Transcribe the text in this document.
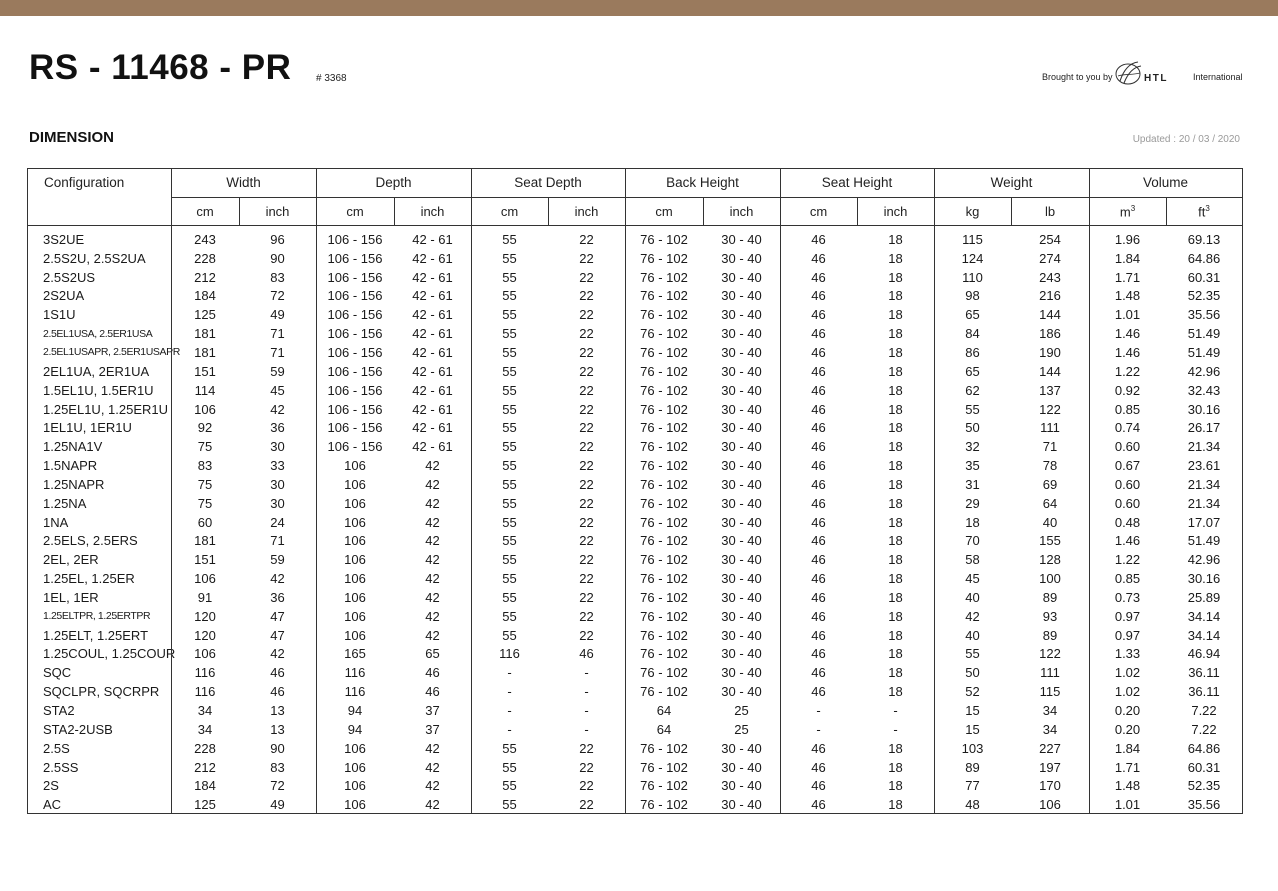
RS - 11468 - PR # 3368	Brought to you by	HTL	International
DIMENSION	Updated : 20 / 03 / 2020
Configuration
3S2UE	243	96	106 - 156	42 - 61	55	22	76 - 102	30 - 40	46	18	115	254	1.96	69.13
2.5S2U, 2.5S2UA	228	90	106 - 156	42 - 61	55	22	76 - 102	30 - 40	46	18	124	274	1.84	64.86
2.5S2US	212	83	106 - 156	42 - 61	55	22	76 - 102	30 - 40	46	18	110	243	1.71	60.31
2S2UA	184	72	106 - 156	42 - 61	55	22	76 - 102	30 - 40	46	18	98	216	1.48	52.35
1S1U	125	49	106 - 156	42 - 61	55	22	76 - 102	30 - 40	46	18	65	144	1.01	35.56
2.5EL1USA, 2.5ER1USA	181	71	106 - 156	42 - 61	55	22	76 - 102	30 - 40	46	18	84	186	1.46	51.49
2.5EL1USAPR, 2.5ER1USAPR	181	71	106 - 156	42 - 61	55	22	76 - 102	30 - 40	46	18	86	190	1.46	51.49
2EL1UA, 2ER1UA	151	59	106 - 156	42 - 61	55	22	76 - 102	30 - 40	46	18	65	144	1.22	42.96
1.5EL1U, 1.5ER1U	114	45	106 - 156	42 - 61	55	22	76 - 102	30 - 40	46	18	62	137	0.92	32.43
1.25EL1U, 1.25ER1U	106	42	106 - 156	42 - 61	55	22	76 - 102	30 - 40	46	18	55	122	0.85	30.16
1EL1U, 1ER1U	92	36	106 - 156	42 - 61	55	22	76 - 102	30 - 40	46	18	50	111	0.74	26.17
1.25NA1V	75	30	106 - 156	42 - 61	55	22	76 - 102	30 - 40	46	18	32	71	0.60	21.34
1.5NAPR	83	33	106	42	55	22	76 - 102	30 - 40	46	18	35	78	0.67	23.61
1.25NAPR	75	30	106	42	55	22	76 - 102	30 - 40	46	18	31	69	0.60	21.34
1.25NA	75	30	106	42	55	22	76 - 102	30 - 40	46	18	29	64	0.60	21.34
1NA	60	24	106	42	55	22	76 - 102	30 - 40	46	18	18	40	0.48	17.07
2.5ELS, 2.5ERS	181	71	106	42	55	22	76 - 102	30 - 40	46	18	70	155	1.46	51.49
2EL, 2ER	151	59	106	42	55	22	76 - 102	30 - 40	46	18	58	128	1.22	42.96
1.25EL, 1.25ER	106	42	106	42	55	22	76 - 102	30 - 40	46	18	45	100	0.85	30.16
1EL, 1ER	91	36	106	42	55	22	76 - 102	30 - 40	46	18	40	89	0.73	25.89
1.25ELTPR, 1.25ERTPR	120	47	106	42	55	22	76 - 102	30 - 40	46	18	42	93	0.97	34.14
1.25ELT, 1.25ERT	120	47	106	42	55	22	76 - 102	30 - 40	46	18	40	89	0.97	34.14
1.25COUL, 1.25COUR	106	42	165	65	116	46	76 - 102	30 - 40	46	18	55	122	1.33	46.94
SQC	116	46	116	46	-	-	76 - 102	30 - 40	46	18	50	111	1.02	36.11
SQCLPR, SQCRPR	116	46	116	46	-	-	76 - 102	30 - 40	46	18	52	115	1.02	36.11
STA2	34	13	94	37	-	-	64	25	-	-	15	34	0.20	7.22
STA2-2USB	34	13	94	37	-	-	64	25	-	-	15	34	0.20	7.22
2.5S	228	90	106	42	55	22	76 - 102	30 - 40	46	18	103	227	1.84	64.86
2.5SS	212	83	106	42	55	22	76 - 102	30 - 40	46	18	89	197	1.71	60.31
2S	184	72	106	42	55	22	76 - 102	30 - 40	46	18	77	170	1.48	52.35
AC	125	49	106	42	55	22	76 - 102	30 - 40	46	18	48	106	1.01	35.56
Width	Depth	Seat Depth	Back Height	Seat Height	Weight	Volume
cm	inch	cm	inch	cm	inch	cm	inch	cm	inch	kg	lb	$m^3$	$ft^3$
